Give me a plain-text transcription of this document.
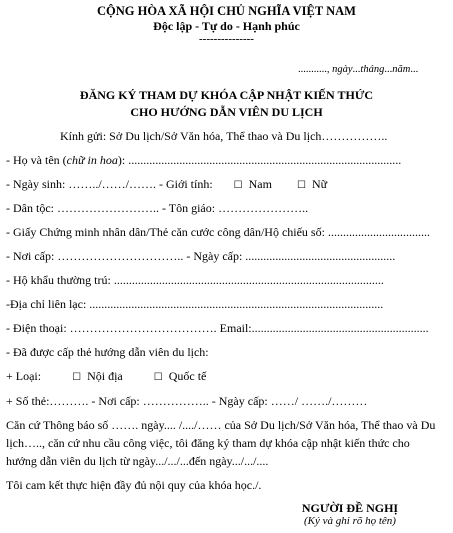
CỘNG HÒA XÃ HỘI CHỦ NGHĨA VIỆT NAM
Độc lập - Tự do - Hạnh phúc
---------------
..........., ngày...tháng...năm...
ĐĂNG KÝ THAM DỰ KHÓA CẬP NHẬT KIẾN THỨC
CHO HƯỚNG DẪN VIÊN DU LỊCH
Kính gửi: Sở Du lịch/Sở Văn hóa, Thể thao và Du lịch……………..
- Họ và tên (chữ in hoa): ...........................................................................................
- Ngày sinh: ……../……/……. - Giới tính: ☐ Nam	☐ Nữ
- Dân tộc: …………………….. - Tôn giáo: …………………..
- Giấy Chứng minh nhân dân/Thẻ căn cước công dân/Hộ chiếu số: ..................................
- Nơi cấp: ………………………….. - Ngày cấp: ..................................................
- Hộ khẩu thường trú: ..........................................................................................
-Địa chỉ liên lạc: ..................................................................................................
- Điện thoại: ………………………………. Email:...........................................................
- Đã được cấp thẻ hướng dẫn viên du lịch:
+ Loại:	☐ Nội địa	☐ Quốc tế
+ Số thẻ:………. - Nơi cấp: …………….. - Ngày cấp: ……/ ……./………
Căn cứ Thông báo số ……. ngày.... /..../…… của Sở Du lịch/Sở Văn hóa, Thể thao và Du
lịch….., căn cứ nhu cầu công việc, tôi đăng ký tham dự khóa cập nhật kiến thức cho
hướng dẫn viên du lịch từ ngày.../.../...đến ngày.../.../....
Tôi cam kết thực hiện đầy đủ nội quy của khóa học./.
NGƯỜI ĐỀ NGHỊ
(Ký và ghi rõ họ tên)
